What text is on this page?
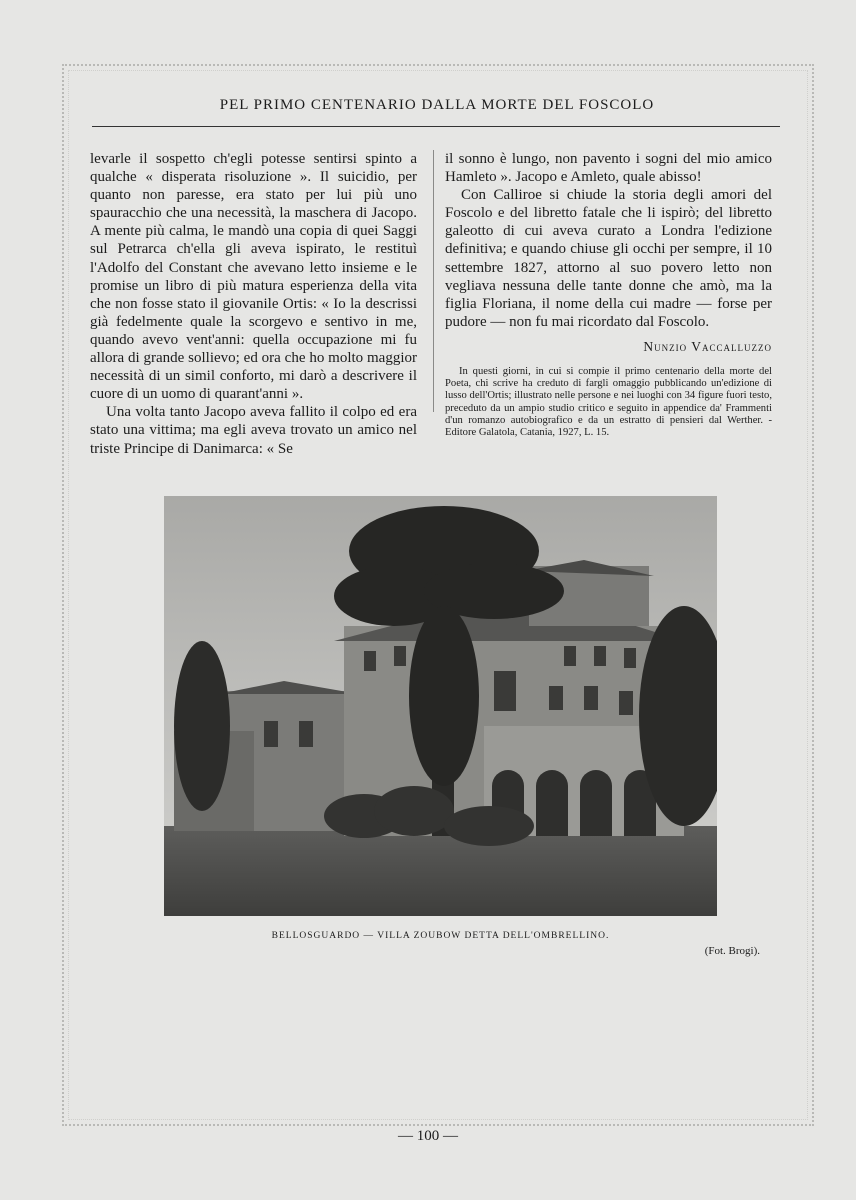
PEL PRIMO CENTENARIO DALLA MORTE DEL FOSCOLO

levarle il sospetto ch'egli potesse sentirsi spinto a qualche « disperata risoluzione ». Il suicidio, per quanto non paresse, era stato per lui più uno spauracchio che una necessità, la maschera di Jacopo. A mente più calma, le mandò una copia di quei Saggi sul Petrarca ch'ella gli aveva ispirato, le restituì l'Adolfo del Constant che avevano letto insieme e le promise un libro di più matura esperienza della vita che non fosse stato il giovanile Ortis: « Io la descrissi già fedelmente quale la scorgevo e sentivo in me, quando avevo vent'anni: quella occupazione mi fu allora di grande sollievo; ed ora che ho molto maggior necessità di un simil conforto, mi darò a descrivere il cuore di un uomo di quarant'anni ».

Una volta tanto Jacopo aveva fallito il colpo ed era stato una vittima; ma egli aveva trovato un amico nel triste Principe di Danimarca: « Se

il sonno è lungo, non pavento i sogni del mio amico Hamleto ». Jacopo e Amleto, quale abisso!

Con Calliroe si chiude la storia degli amori del Foscolo e del libretto fatale che li ispirò; del libretto galeotto di cui aveva curato a Londra l'edizione definitiva; e quando chiuse gli occhi per sempre, il 10 settembre 1827, attorno al suo povero letto non vegliava nessuna delle tante donne che amò, ma la figlia Floriana, il nome della cui madre — forse per pudore — non fu mai ricordato dal Foscolo.

Nunzio Vaccalluzzo
In questi giorni, in cui si compie il primo centenario della morte del Poeta, chi scrive ha creduto di fargli omaggio pubblicando un'edizione di lusso dell'Ortis; illustrato nelle persone e nei luoghi con 34 figure fuori testo, preceduto da un ampio studio critico e seguito in appendice da' Frammenti d'un romanzo autobiografico e da un estratto di pensieri dal Werther. - Editore Galatola, Catania, 1927, L. 15.
BELLOSGUARDO — VILLA ZOUBOW DETTA DELL'OMBRELLINO.
(Fot. Brogi).
— 100 —
